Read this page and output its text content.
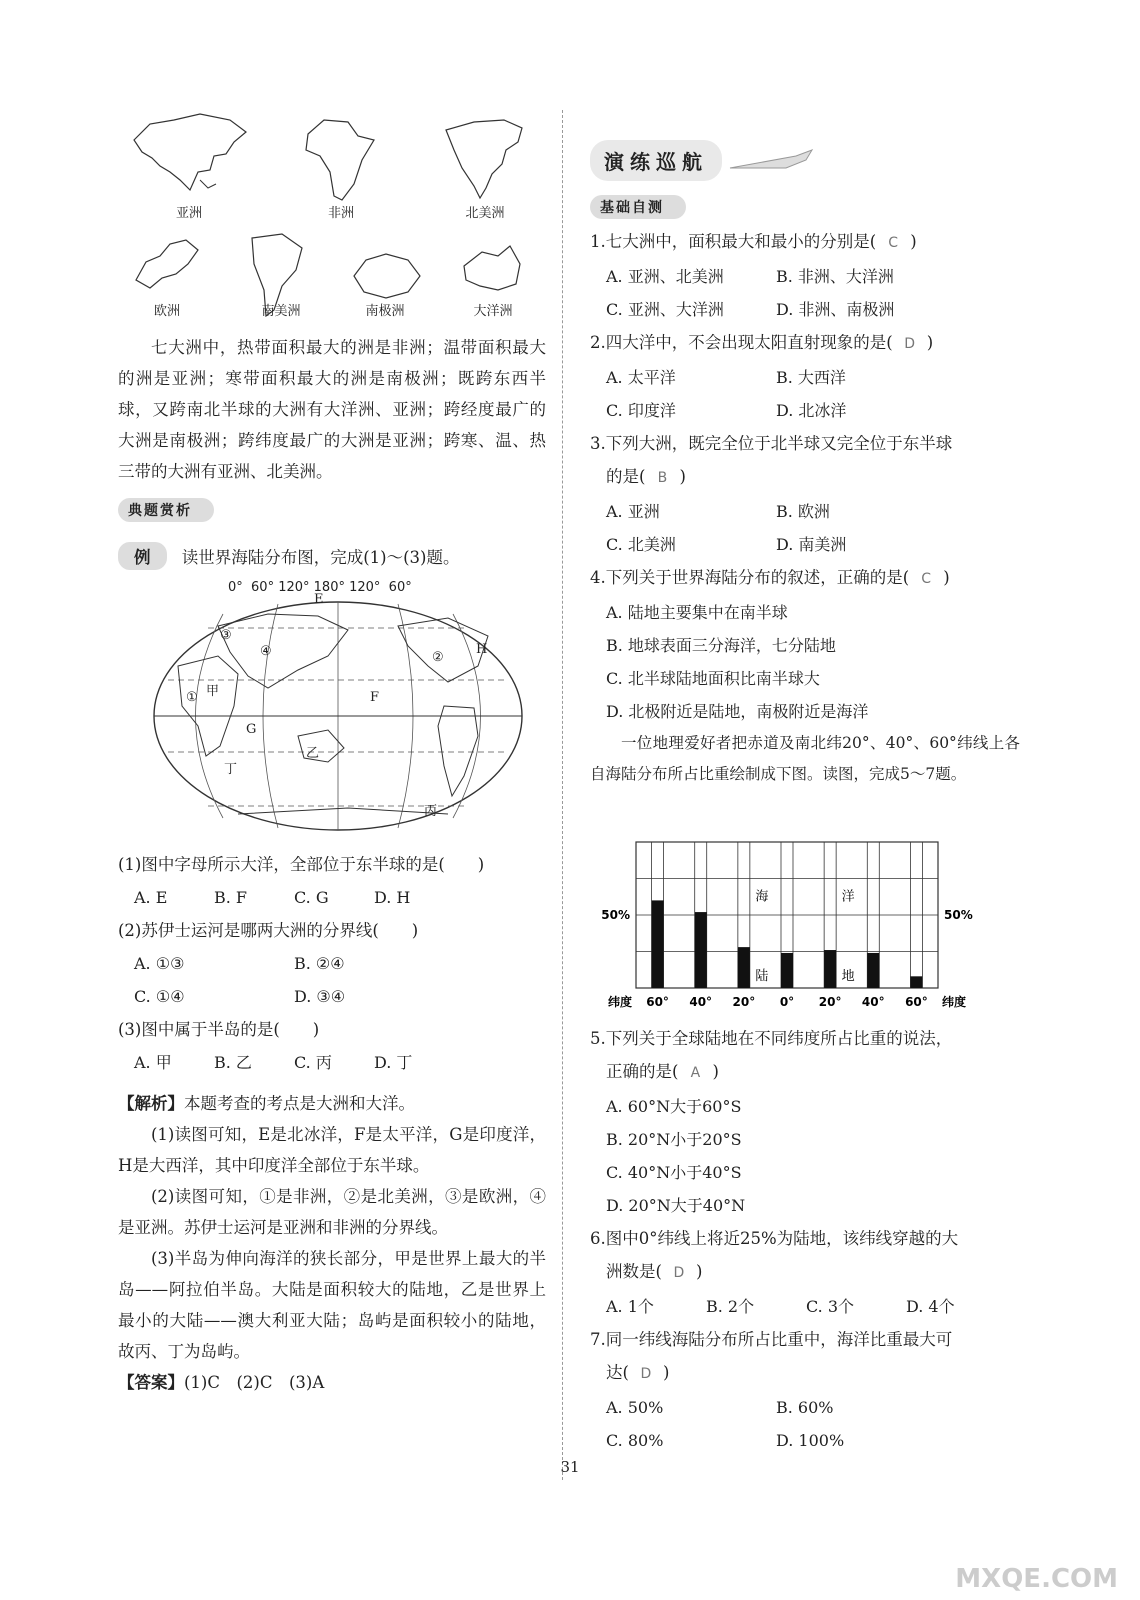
亚洲	非洲	北美洲
欧洲	南美洲	南极洲	大洋洲
七大洲中，热带面积最大的洲是非洲；温带面积最大的洲是亚洲；寒带面积最大的洲是南极洲；既跨东西半球，又跨南北半球的大洲有大洋洲、亚洲；跨经度最广的大洲是南极洲；跨纬度最广的大洲是亚洲；跨寒、温、热三带的大洲有亚洲、北美洲。
典题赏析
例 读世界海陆分布图，完成(1)～(3)题。
0°  60° 120° 180° 120°  60°
E
F
G
H
①
②
③
④
甲
乙
丙
丁
(1)图中字母所示大洋，全部位于东半球的是(　　)
A. E	B. F	C. G	D. H
(2)苏伊士运河是哪两大洲的分界线(　　)
A. ①③	B. ②④
C. ①④	D. ③④
(3)图中属于半岛的是(　　)
A. 甲	B. 乙	C. 丙	D. 丁
【解析】本题考查的考点是大洲和大洋。
(1)读图可知，E是北冰洋，F是太平洋，G是印度洋，H是大西洋，其中印度洋全部位于东半球。
(2)读图可知，①是非洲，②是北美洲，③是欧洲，④是亚洲。苏伊士运河是亚洲和非洲的分界线。
(3)半岛为伸向海洋的狭长部分，甲是世界上最大的半岛——阿拉伯半岛。大陆是面积较大的陆地，乙是世界上最小的大陆——澳大利亚大陆；岛屿是面积较小的陆地，故丙、丁为岛屿。
【答案】(1)C　(2)C　(3)A
演练巡航
基础自测
1.七大洲中，面积最大和最小的分别是( C )
A. 亚洲、北美洲	B. 非洲、大洋洲
C. 亚洲、大洋洲	D. 非洲、南极洲
2.四大洋中，不会出现太阳直射现象的是( D )
A. 太平洋	B. 大西洋
C. 印度洋	D. 北冰洋
3.下列大洲，既完全位于北半球又完全位于东半球
的是( B )
A. 亚洲	B. 欧洲
C. 北美洲	D. 南美洲
4.下列关于世界海陆分布的叙述，正确的是( C )
A. 陆地主要集中在南半球
B. 地球表面三分海洋，七分陆地
C. 北半球陆地面积比南半球大
D. 北极附近是陆地，南极附近是海洋
一位地理爱好者把赤道及南北纬20°、40°、60°纬线上各自海陆分布所占比重绘制成下图。读图，完成5～7题。
60° 40° 20° 0° 20° 40° 60°
50%	50%
纬度	纬度
海	洋
陆	地
5.下列关于全球陆地在不同纬度所占比重的说法，
正确的是( A )
A. 60°N大于60°S
B. 20°N小于20°S
C. 40°N小于40°S
D. 20°N大于40°N
6.图中0°纬线上将近25%为陆地，该纬线穿越的大
洲数是( D )
A. 1个	B. 2个	C. 3个	D. 4个
7.同一纬线海陆分布所占比重中，海洋比重最大可
达( D )
A. 50%	B. 60%
C. 80%	D. 100%
31
MXQE.COM
